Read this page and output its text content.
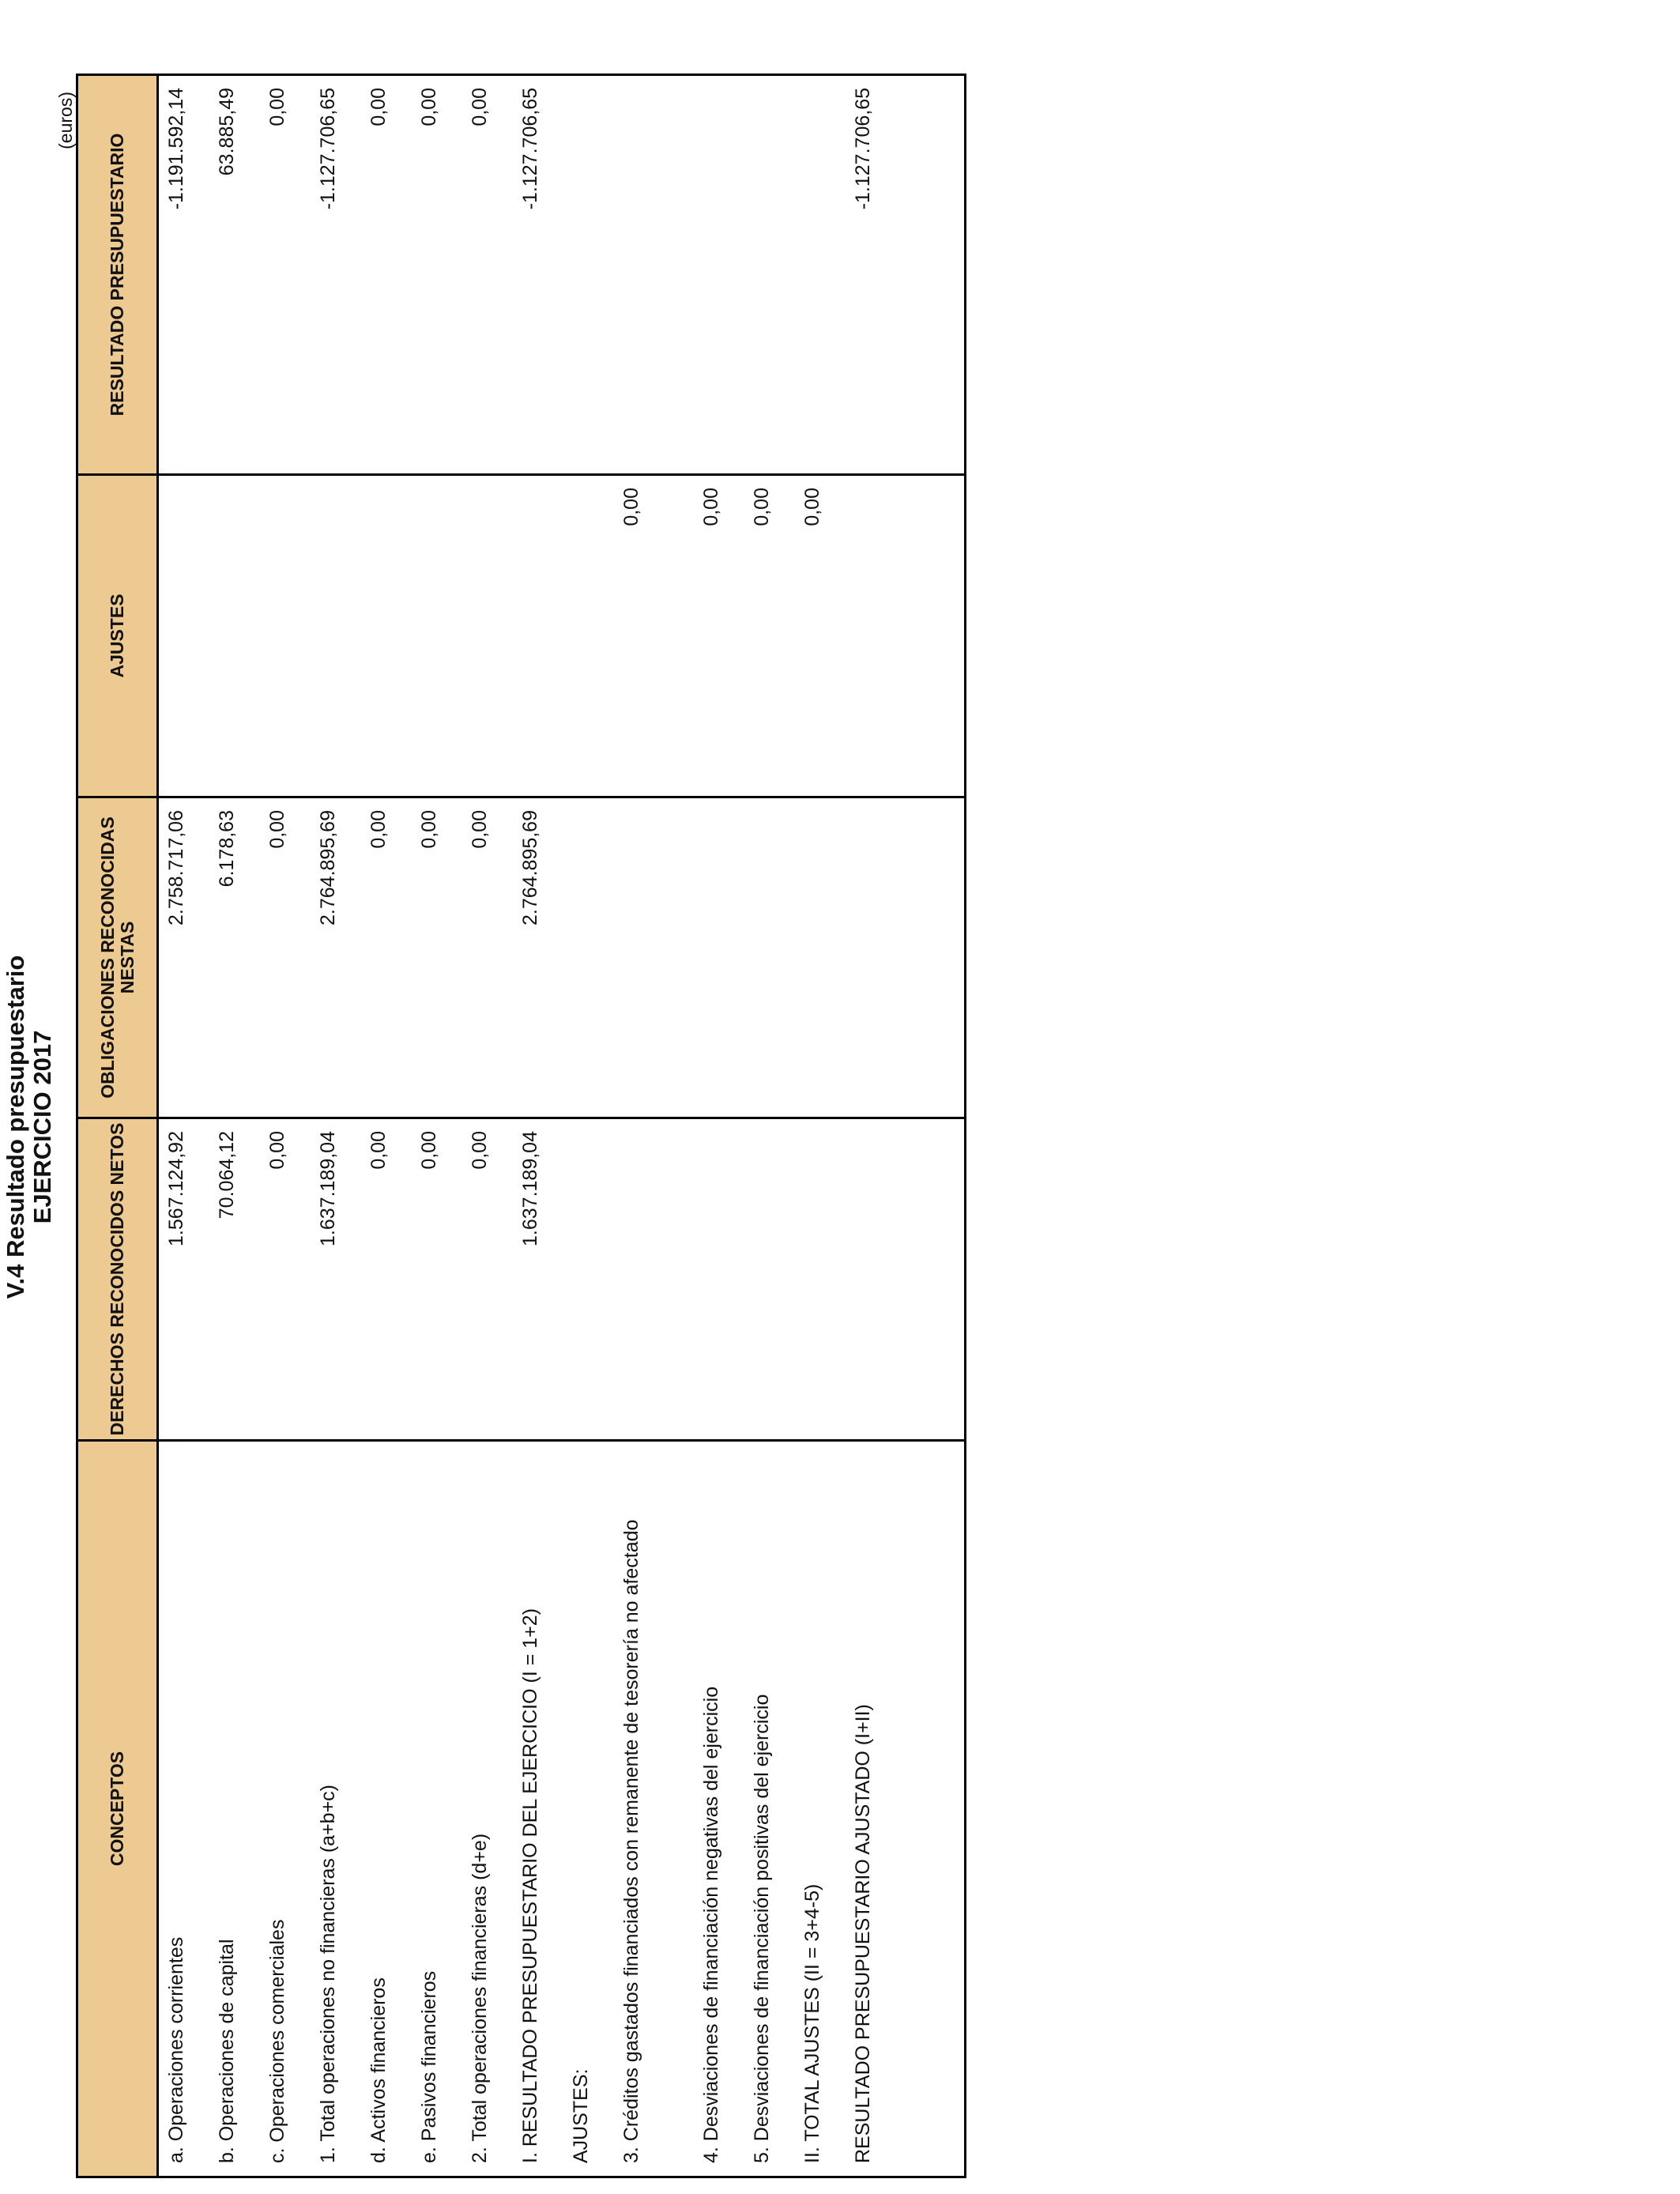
V.4 Resultado presupuestario EJERCICIO 2017
(euros)
CONCEPTOS	DERECHOS RECONOCIDOS NETOS	OBLIGACIONES RECONOCIDAS NESTAS	AJUSTES	RESULTADO PRESUPUESTARIO
a. Operaciones corrientes	1.567.124,92	2.758.717,06		-1.191.592,14
b. Operaciones de capital	70.064,12	6.178,63		63.885,49
c. Operaciones comerciales	0,00	0,00		0,00
1. Total operaciones no financieras (a+b+c)	1.637.189,04	2.764.895,69		-1.127.706,65
d. Activos financieros	0,00	0,00		0,00
e. Pasivos financieros	0,00	0,00		0,00
2. Total operaciones financieras (d+e)	0,00	0,00		0,00
I. RESULTADO PRESUPUESTARIO DEL EJERCICIO (I = 1+2)	1.637.189,04	2.764.895,69		-1.127.706,65
AJUSTES:				
3. Créditos gastados financiados con remanente de tesorería no afectado			0,00	
4. Desviaciones de financiación negativas del ejercicio			0,00	
5. Desviaciones de financiación positivas del ejercicio			0,00	
II. TOTAL AJUSTES (II = 3+4-5)			0,00	
RESULTADO PRESUPUESTARIO AJUSTADO (I+II)				-1.127.706,65
